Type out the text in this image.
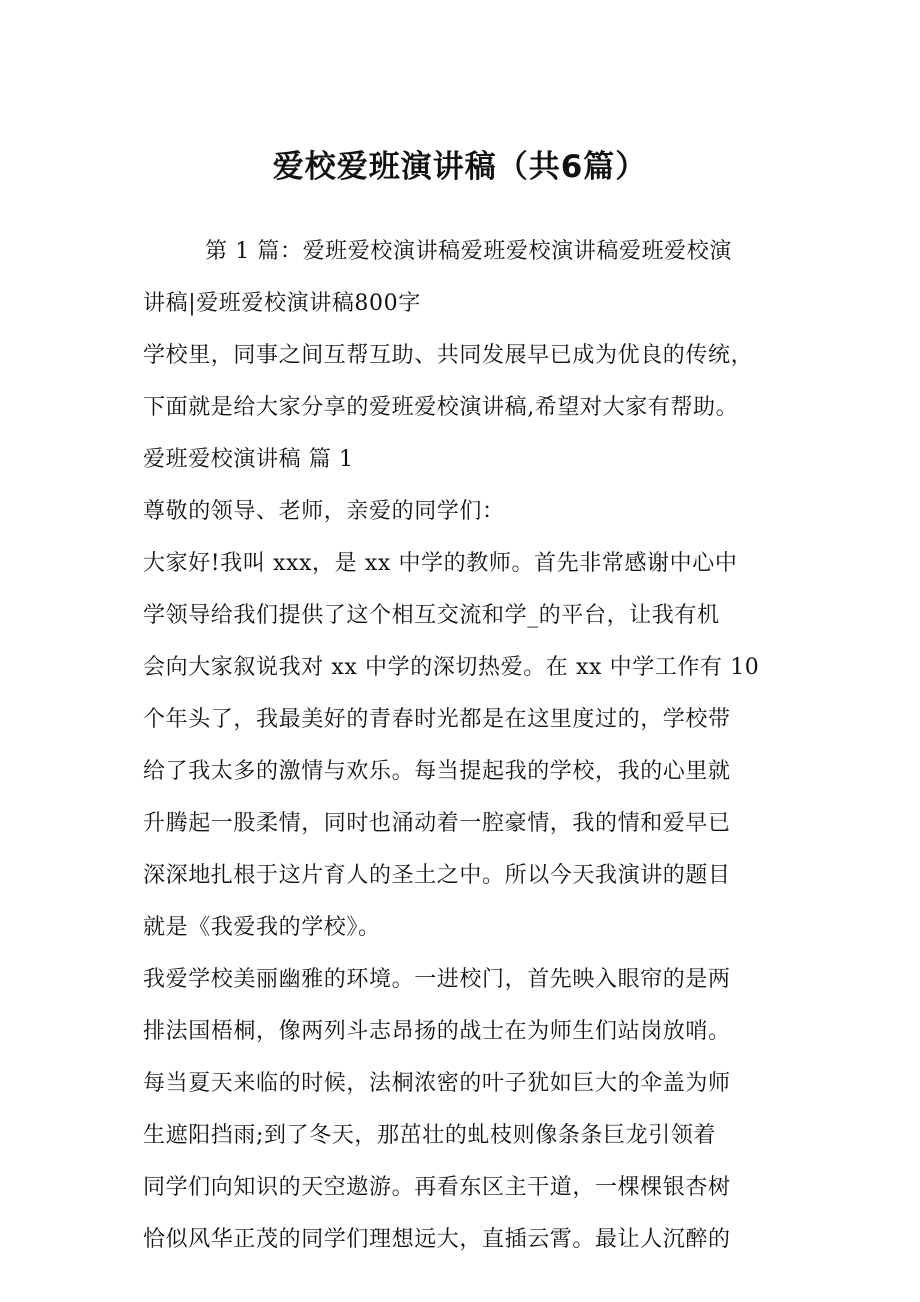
爱校爱班演讲稿（共6篇）
第 1 篇：爱班爱校演讲稿爱班爱校演讲稿爱班爱校演
讲稿|爱班爱校演讲稿800字
学校里，同事之间互帮互助、共同发展早已成为优良的传统，
下面就是给大家分享的爱班爱校演讲稿,希望对大家有帮助。
爱班爱校演讲稿 篇 1
尊敬的领导、老师，亲爱的同学们：
大家好!我叫 xxx，是 xx 中学的教师。首先非常感谢中心中
学领导给我们提供了这个相互交流和学_的平台，让我有机
会向大家叙说我对 xx 中学的深切热爱。在 xx 中学工作有 10
个年头了，我最美好的青春时光都是在这里度过的，学校带
给了我太多的激情与欢乐。每当提起我的学校，我的心里就
升腾起一股柔情，同时也涌动着一腔豪情，我的情和爱早已
深深地扎根于这片育人的圣土之中。所以今天我演讲的题目
就是《我爱我的学校》。
我爱学校美丽幽雅的环境。一进校门，首先映入眼帘的是两
排法国梧桐，像两列斗志昂扬的战士在为师生们站岗放哨。
每当夏天来临的时候，法桐浓密的叶子犹如巨大的伞盖为师
生遮阳挡雨;到了冬天，那茁壮的虬枝则像条条巨龙引领着
同学们向知识的天空遨游。再看东区主干道，一棵棵银杏树
恰似风华正茂的同学们理想远大，直插云霄。最让人沉醉的
